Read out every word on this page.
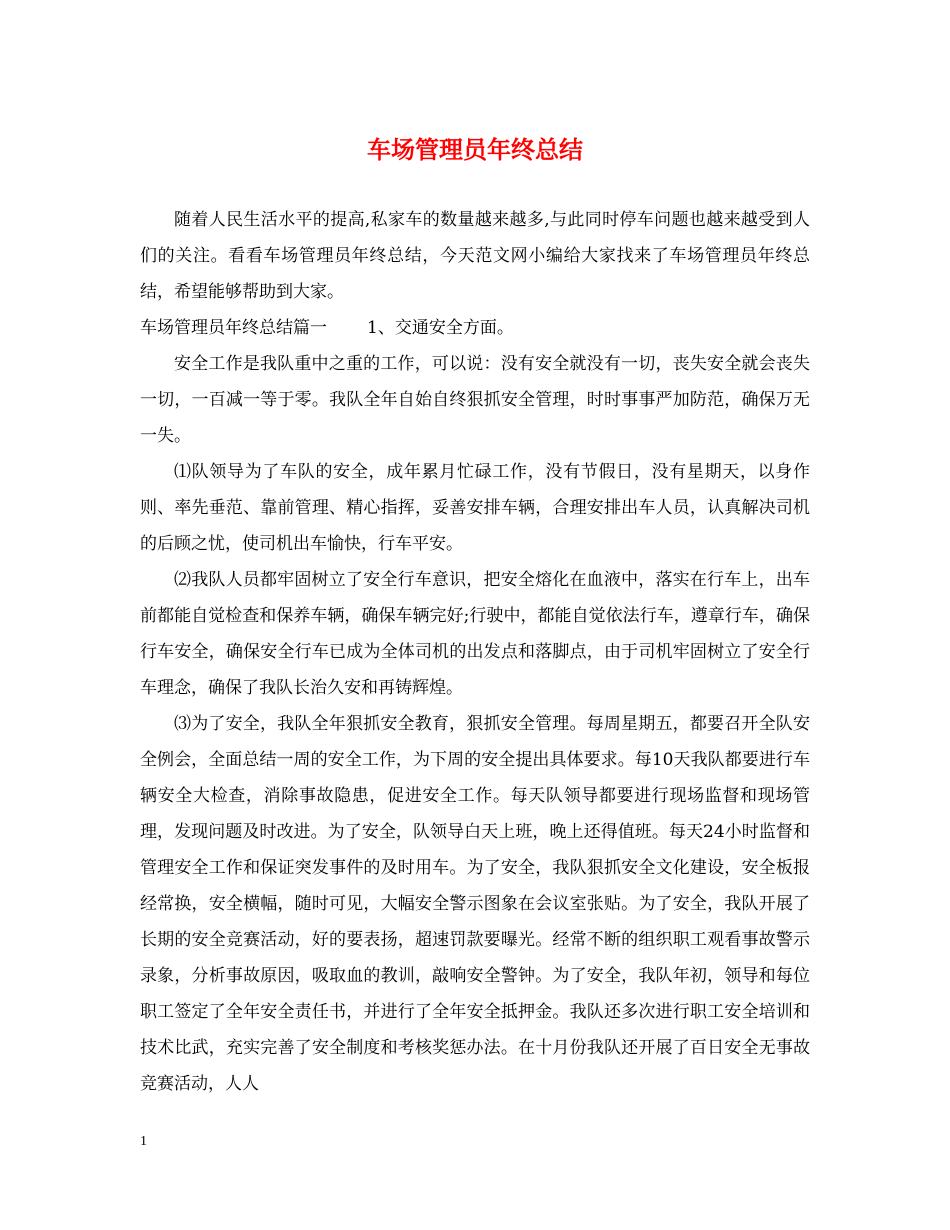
车场管理员年终总结

随着人民生活水平的提高,私家车的数量越来越多,与此同时停车问题也越来越受到人们的关注。看看车场管理员年终总结，今天范文网小编给大家找来了车场管理员年终总结，希望能够帮助到大家。

车场管理员年终总结篇一 1、交通安全方面。

安全工作是我队重中之重的工作，可以说：没有安全就没有一切，丧失安全就会丧失一切，一百减一等于零。我队全年自始自终狠抓安全管理，时时事事严加防范，确保万无一失。

⑴队领导为了车队的安全，成年累月忙碌工作，没有节假日，没有星期天，以身作则、率先垂范、靠前管理、精心指挥，妥善安排车辆，合理安排出车人员，认真解决司机的后顾之忧，使司机出车愉快，行车平安。

⑵我队人员都牢固树立了安全行车意识，把安全熔化在血液中，落实在行车上，出车前都能自觉检查和保养车辆，确保车辆完好;行驶中，都能自觉依法行车，遵章行车，确保行车安全，确保安全行车已成为全体司机的出发点和落脚点，由于司机牢固树立了安全行车理念，确保了我队长治久安和再铸辉煌。

⑶为了安全，我队全年狠抓安全教育，狠抓安全管理。每周星期五，都要召开全队安全例会，全面总结一周的安全工作，为下周的安全提出具体要求。每10天我队都要进行车辆安全大检查，消除事故隐患，促进安全工作。每天队领导都要进行现场监督和现场管理，发现问题及时改进。为了安全，队领导白天上班，晚上还得值班。每天24小时监督和管理安全工作和保证突发事件的及时用车。为了安全，我队狠抓安全文化建设，安全板报经常换，安全横幅，随时可见，大幅安全警示图象在会议室张贴。为了安全，我队开展了长期的安全竞赛活动，好的要表扬，超速罚款要曝光。经常不断的组织职工观看事故警示录象，分析事故原因，吸取血的教训，敲响安全警钟。为了安全，我队年初，领导和每位职工签定了全年安全责任书，并进行了全年安全抵押金。我队还多次进行职工安全培训和技术比武，充实完善了安全制度和考核奖惩办法。在十月份我队还开展了百日安全无事故竞赛活动，人人

1
